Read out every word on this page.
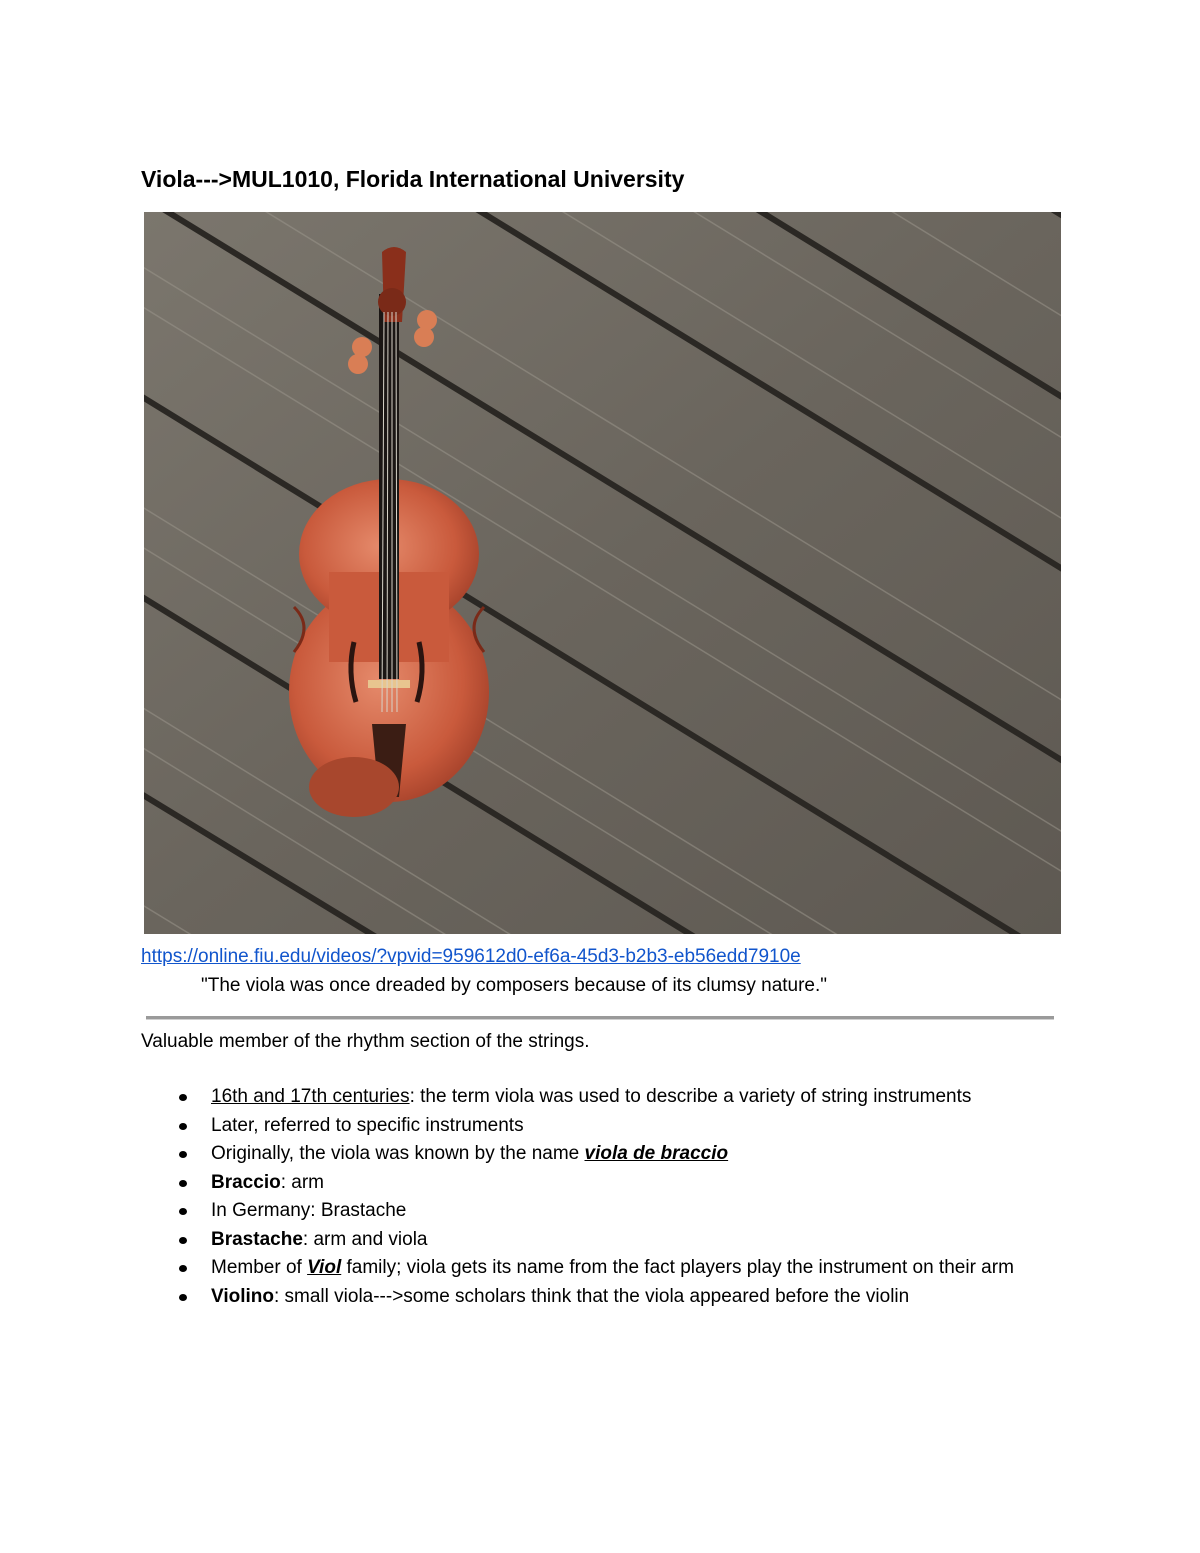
Viola--->MUL1010, Florida International University
https://online.fiu.edu/videos/?vpvid=959612d0-ef6a-45d3-b2b3-eb56edd7910e
"The viola was once dreaded by composers because of its clumsy nature."
Valuable member of the rhythm section of the strings.
16th and 17th centuries: the term viola was used to describe a variety of string instruments
Later, referred to specific instruments
Originally, the viola was known by the name viola de braccio
Braccio: arm
In Germany: Brastache
Brastache: arm and viola
Member of Viol family; viola gets its name from the fact players play the instrument on their arm
Violino: small viola--->some scholars think that the viola appeared before the violin
